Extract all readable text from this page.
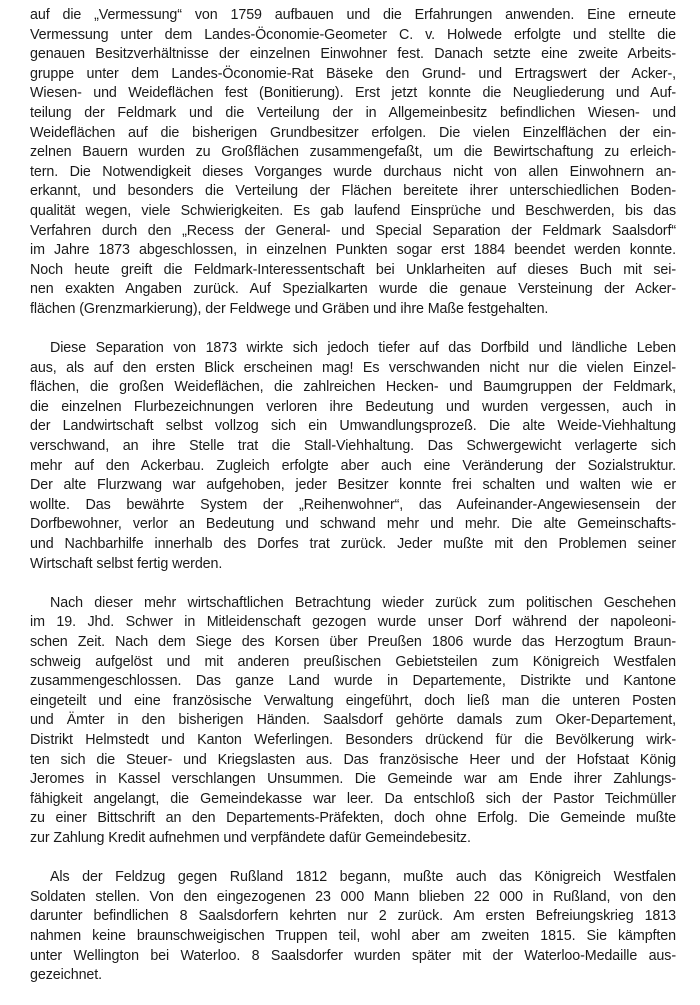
auf die „Vermessung“ von 1759 aufbauen und die Erfahrungen anwenden. Eine erneute
Vermessung unter dem Landes-Öconomie-Geometer C. v. Holwede erfolgte und stellte die
genauen Besitzverhältnisse der einzelnen Einwohner fest. Danach setzte eine zweite Arbeits-
gruppe unter dem Landes-Öconomie-Rat Bäseke den Grund- und Ertragswert der Acker-,
Wiesen- und Weideflächen fest (Bonitierung). Erst jetzt konnte die Neugliederung und Auf-
teilung der Feldmark und die Verteilung der in Allgemeinbesitz befindlichen Wiesen- und
Weideflächen auf die bisherigen Grundbesitzer erfolgen. Die vielen Einzelflächen der ein-
zelnen Bauern wurden zu Großflächen zusammengefaßt, um die Bewirtschaftung zu erleich-
tern. Die Notwendigkeit dieses Vorganges wurde durchaus nicht von allen Einwohnern an-
erkannt, und besonders die Verteilung der Flächen bereitete ihrer unterschiedlichen Boden-
qualität wegen, viele Schwierigkeiten. Es gab laufend Einsprüche und Beschwerden, bis das
Verfahren durch den „Recess der General- und Special Separation der Feldmark Saalsdorf“
im Jahre 1873 abgeschlossen, in einzelnen Punkten sogar erst 1884 beendet werden konnte.
Noch heute greift die Feldmark-Interessentschaft bei Unklarheiten auf dieses Buch mit sei-
nen exakten Angaben zurück. Auf Spezialkarten wurde die genaue Versteinung der Acker-
flächen (Grenzmarkierung), der Feldwege und Gräben und ihre Maße festgehalten.
Diese Separation von 1873 wirkte sich jedoch tiefer auf das Dorfbild und ländliche Leben
aus, als auf den ersten Blick erscheinen mag! Es verschwanden nicht nur die vielen Einzel-
flächen, die großen Weideflächen, die zahlreichen Hecken- und Baumgruppen der Feldmark,
die einzelnen Flurbezeichnungen verloren ihre Bedeutung und wurden vergessen, auch in
der Landwirtschaft selbst vollzog sich ein Umwandlungsprozeß. Die alte Weide-Viehhaltung
verschwand, an ihre Stelle trat die Stall-Viehhaltung. Das Schwergewicht verlagerte sich
mehr auf den Ackerbau. Zugleich erfolgte aber auch eine Veränderung der Sozialstruktur.
Der alte Flurzwang war aufgehoben, jeder Besitzer konnte frei schalten und walten wie er
wollte. Das bewährte System der „Reihenwohner“, das Aufeinander-Angewiesensein der
Dorfbewohner, verlor an Bedeutung und schwand mehr und mehr. Die alte Gemeinschafts-
und Nachbarhilfe innerhalb des Dorfes trat zurück. Jeder mußte mit den Problemen seiner
Wirtschaft selbst fertig werden.
Nach dieser mehr wirtschaftlichen Betrachtung wieder zurück zum politischen Geschehen
im 19. Jhd. Schwer in Mitleidenschaft gezogen wurde unser Dorf während der napoleoni-
schen Zeit. Nach dem Siege des Korsen über Preußen 1806 wurde das Herzogtum Braun-
schweig aufgelöst und mit anderen preußischen Gebietsteilen zum Königreich Westfalen
zusammengeschlossen. Das ganze Land wurde in Departemente, Distrikte und Kantone
eingeteilt und eine französische Verwaltung eingeführt, doch ließ man die unteren Posten
und Ämter in den bisherigen Händen. Saalsdorf gehörte damals zum Oker-Departement,
Distrikt Helmstedt und Kanton Weferlingen. Besonders drückend für die Bevölkerung wirk-
ten sich die Steuer- und Kriegslasten aus. Das französische Heer und der Hofstaat König
Jeromes in Kassel verschlangen Unsummen. Die Gemeinde war am Ende ihrer Zahlungs-
fähigkeit angelangt, die Gemeindekasse war leer. Da entschloß sich der Pastor Teichmüller
zu einer Bittschrift an den Departements-Präfekten, doch ohne Erfolg. Die Gemeinde mußte
zur Zahlung Kredit aufnehmen und verpfändete dafür Gemeindebesitz.
Als der Feldzug gegen Rußland 1812 begann, mußte auch das Königreich Westfalen
Soldaten stellen. Von den eingezogenen 23 000 Mann blieben 22 000 in Rußland, von den
darunter befindlichen 8 Saalsdorfern kehrten nur 2 zurück. Am ersten Befreiungskrieg 1813
nahmen keine braunschweigischen Truppen teil, wohl aber am zweiten 1815. Sie kämpften
unter Wellington bei Waterloo. 8 Saalsdorfer wurden später mit der Waterloo-Medaille aus-
gezeichnet.
